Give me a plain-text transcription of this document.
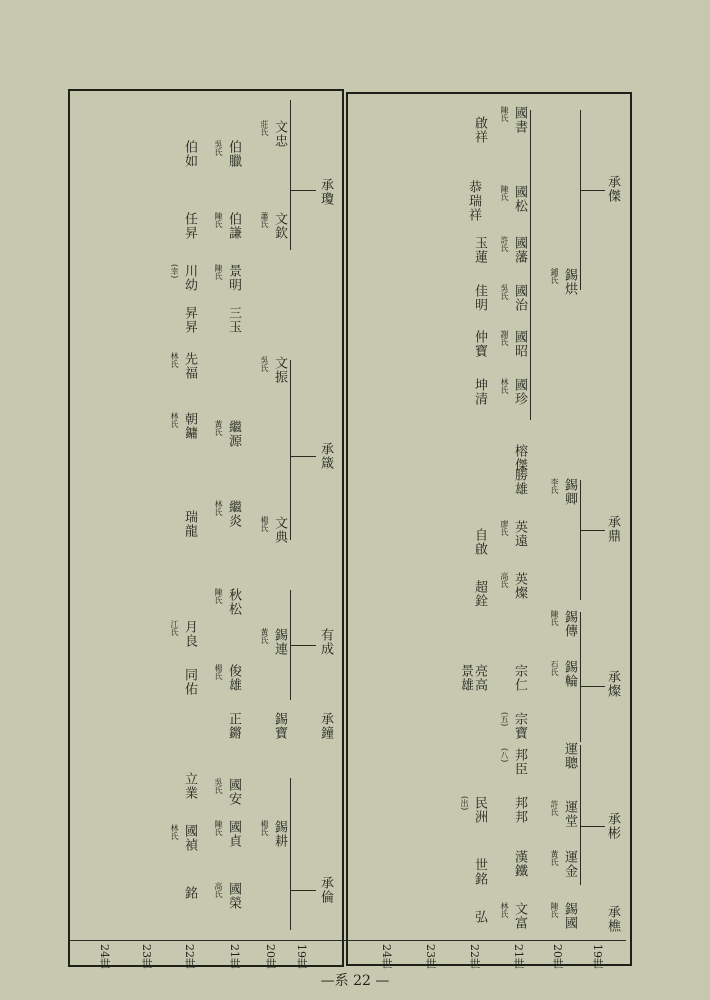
19世
20世
21世
22世
23世
24世	19世
20世
21世
22世
23世
24世
承傑
錫烘
鍾氏
國書
陳氏
啟祥
國松
陳氏
恭瑞祥
國藩
許氏
玉蓮
國治
吳氏
佳明
國昭
謝氏
仲寶
國珍
林氏
坤清
榕傑
承鼎
錫卿
李氏
英遠
廖氏
自啟
英燦
高氏
超銓
勝雄
承燦
錫傳
陳氏
錫輪
石氏
宗仁
宗寶
(五)
亮高
景雄
承彬
運聰
邦臣
(八)
運堂
許氏
邦邦
民洲
(出)
運金
黃氏
漢鐵
世銘
承樵
錫國
陳氏
文富
林氏
弘
承瓊
文忠
莊氏
伯臘
吳氏
伯如
文欽
蕭氏
任昇 伯謙
陳氏
承箴
文振
吳氏
三玉
景明
陳氏
川幼
(幸)
昇昇
先福
林氏
繼源
黃氏
朝鏞
林氏
文典
楊氏
繼炎
林氏
瑞龍
有成
錫連
黃氏
秋松
陳氏
月良
江氏
俊雄
楊氏
同佑
承鐘
錫寶
正鏘
承倫
錫耕
楊氏
國安
吳氏
立業
國貞
陳氏
國禎
林氏
國榮
高氏
銘
—系 22 —
